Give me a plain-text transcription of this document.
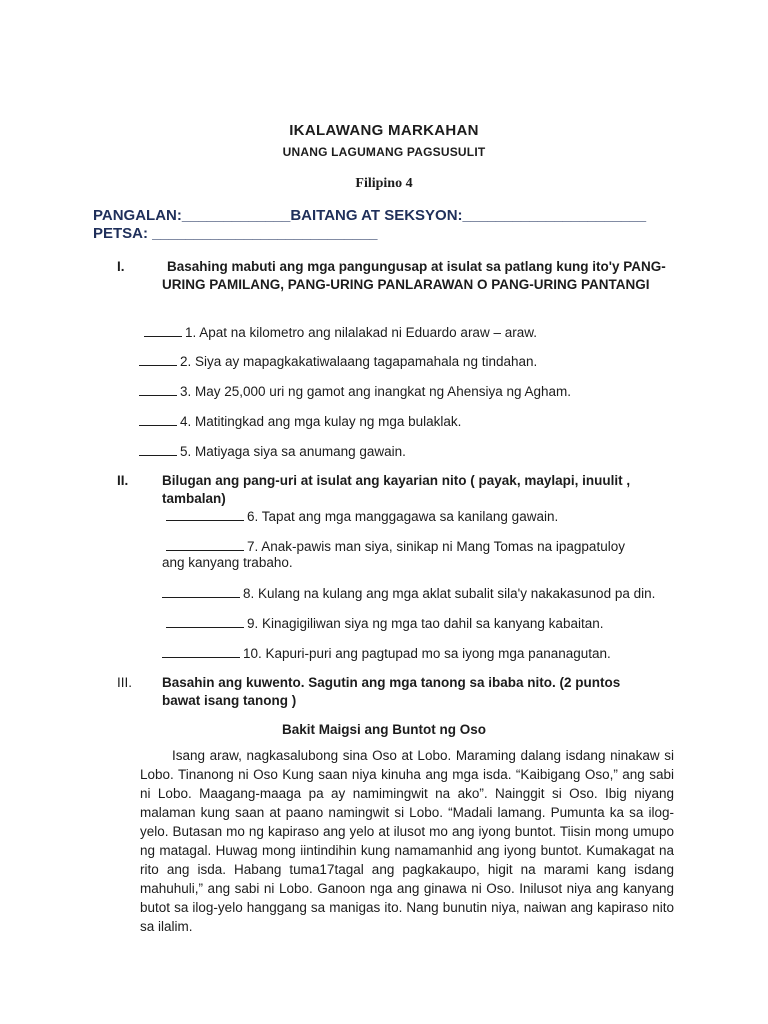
IKALAWANG MARKAHAN
UNANG LAGUMANG PAGSUSULIT
Filipino 4
PANGALAN:_____________BAITANG AT SEKSYON:______________________
PETSA: ___________________________
I.	Basahing mabuti ang mga pangungusap at isulat sa patlang kung ito'y PANG-URING PAMILANG, PANG-URING PANLARAWAN O PANG-URING PANTANGI
1. Apat na kilometro ang nilalakad ni Eduardo araw – araw.
2. Siya ay mapagkakatiwalaang tagapamahala ng tindahan.
3. May 25,000 uri ng gamot ang inangkat ng Ahensiya ng Agham.
4. Matitingkad ang mga kulay ng mga bulaklak.
5. Matiyaga siya sa anumang gawain.
II. Bilugan ang pang-uri at isulat ang kayarian nito ( payak, maylapi, inuulit ,
tambalan)
6. Tapat ang mga manggagawa sa kanilang gawain.
7. Anak-pawis man siya, sinikap ni Mang Tomas na ipagpatuloy
ang kanyang trabaho.
8. Kulang na kulang ang mga aklat subalit sila'y nakakasunod pa din.
9. Kinagigiliwan siya ng mga tao dahil sa kanyang kabaitan.
10. Kapuri-puri ang pagtupad mo sa iyong mga pananagutan.
III. Basahin ang kuwento. Sagutin ang mga tanong sa ibaba nito. (2 puntos
bawat isang tanong )
Bakit Maigsi ang Buntot ng Oso

Isang araw, nagkasalubong sina Oso at Lobo. Maraming dalang isdang ninakaw si Lobo. Tinanong ni Oso Kung saan niya kinuha ang mga isda. “Kaibigang Oso,” ang sabi ni Lobo. Maagang-maaga pa ay namimingwit na ako”. Nainggit si Oso. Ibig niyang malaman kung saan at paano namingwit si Lobo. “Madali lamang. Pumunta ka sa ilog-yelo. Butasan mo ng kapiraso ang yelo at ilusot mo ang iyong buntot. Tiisin mong umupo ng matagal. Huwag mong iintindihin kung namamanhid ang iyong buntot. Kumakagat na rito ang isda. Habang tuma17tagal ang pagkakaupo, higit na marami kang isdang mahuhuli,” ang sabi ni Lobo. Ganoon nga ang ginawa ni Oso. Inilusot niya ang kanyang butot sa ilog-yelo hanggang sa manigas ito. Nang bunutin niya, naiwan ang kapiraso nito sa ilalim.
